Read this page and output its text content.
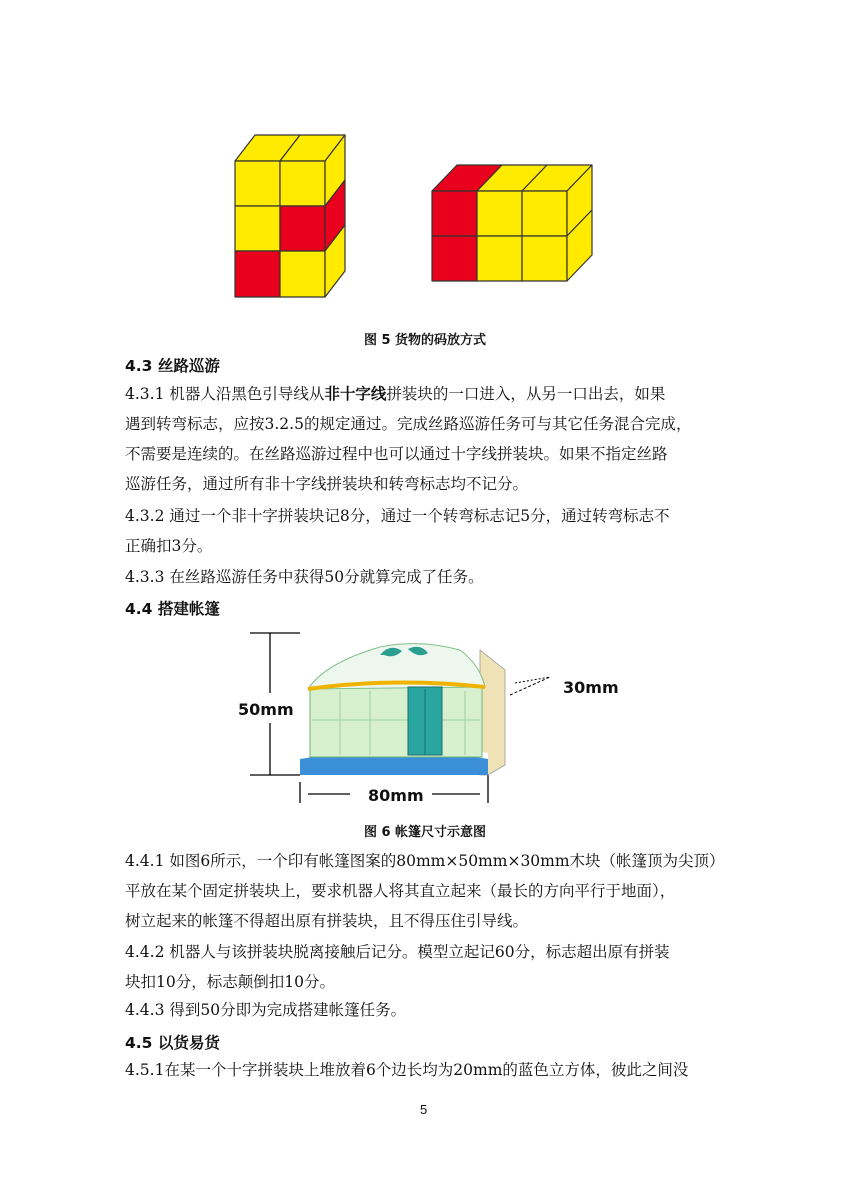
图 5 货物的码放方式
4.3 丝路巡游
4.3.1 机器人沿黑色引导线从非十字线拼装块的一口进入，从另一口出去，如果
遇到转弯标志，应按3.2.5的规定通过。完成丝路巡游任务可与其它任务混合完成，
不需要是连续的。在丝路巡游过程中也可以通过十字线拼装块。如果不指定丝路
巡游任务，通过所有非十字线拼装块和转弯标志均不记分。
4.3.2 通过一个非十字拼装块记8分，通过一个转弯标志记5分，通过转弯标志不
正确扣3分。
4.3.3 在丝路巡游任务中获得50分就算完成了任务。
4.4 搭建帐篷
50mm
30mm
80mm
图 6 帐篷尺寸示意图
4.4.1 如图6所示，一个印有帐篷图案的80mm×50mm×30mm木块（帐篷顶为尖顶）
平放在某个固定拼装块上，要求机器人将其直立起来（最长的方向平行于地面），
树立起来的帐篷不得超出原有拼装块，且不得压住引导线。
4.4.2 机器人与该拼装块脱离接触后记分。模型立起记60分，标志超出原有拼装
块扣10分，标志颠倒扣10分。
4.4.3 得到50分即为完成搭建帐篷任务。
4.5 以货易货
4.5.1在某一个十字拼装块上堆放着6个边长均为20mm的蓝色立方体，彼此之间没
5
